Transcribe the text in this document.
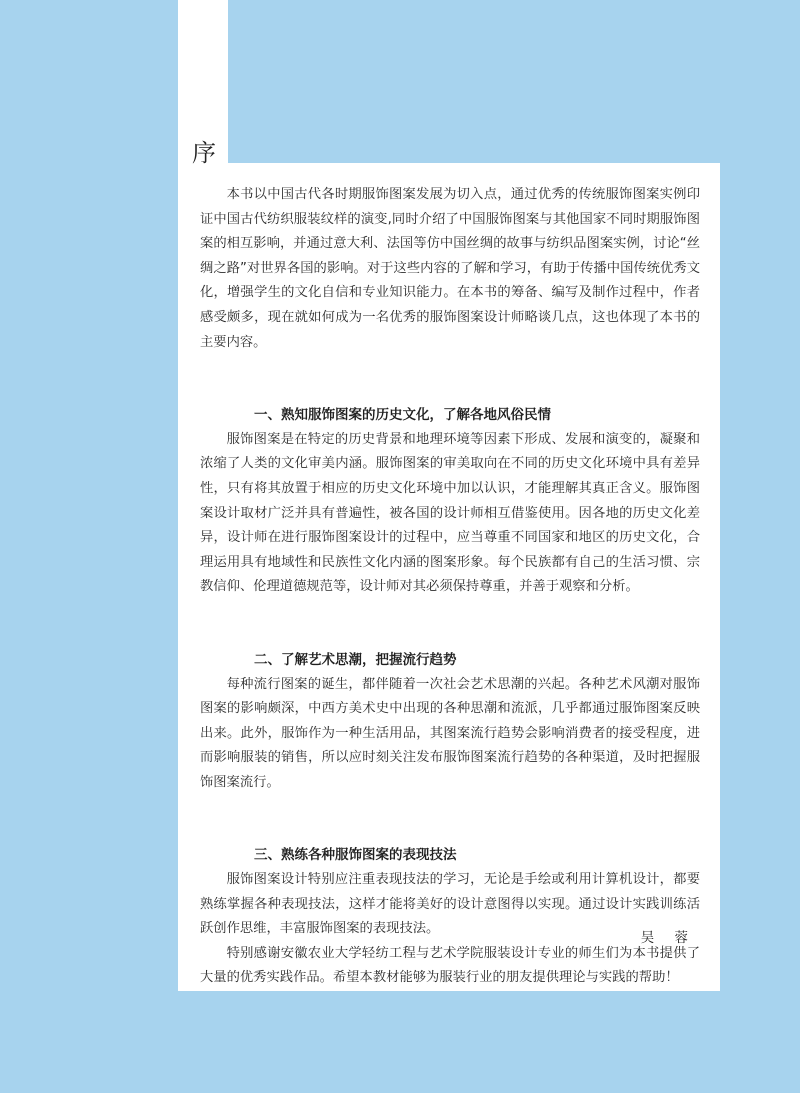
序

本书以中国古代各时期服饰图案发展为切入点，通过优秀的传统服饰图案实例印证中国古代纺织服装纹样的演变,同时介绍了中国服饰图案与其他国家不同时期服饰图案的相互影响，并通过意大利、法国等仿中国丝绸的故事与纺织品图案实例，讨论“丝绸之路”对世界各国的影响。对于这些内容的了解和学习，有助于传播中国传统优秀文化，增强学生的文化自信和专业知识能力。在本书的筹备、编写及制作过程中，作者感受颇多，现在就如何成为一名优秀的服饰图案设计师略谈几点，这也体现了本书的主要内容。

一、熟知服饰图案的历史文化，了解各地风俗民情

服饰图案是在特定的历史背景和地理环境等因素下形成、发展和演变的，凝聚和浓缩了人类的文化审美内涵。服饰图案的审美取向在不同的历史文化环境中具有差异性，只有将其放置于相应的历史文化环境中加以认识，才能理解其真正含义。服饰图案设计取材广泛并具有普遍性，被各国的设计师相互借鉴使用。因各地的历史文化差异，设计师在进行服饰图案设计的过程中，应当尊重不同国家和地区的历史文化，合理运用具有地域性和民族性文化内涵的图案形象。每个民族都有自己的生活习惯、宗教信仰、伦理道德规范等，设计师对其必须保持尊重，并善于观察和分析。

二、了解艺术思潮，把握流行趋势

每种流行图案的诞生，都伴随着一次社会艺术思潮的兴起。各种艺术风潮对服饰图案的影响颇深，中西方美术史中出现的各种思潮和流派，几乎都通过服饰图案反映出来。此外，服饰作为一种生活用品，其图案流行趋势会影响消费者的接受程度，进而影响服装的销售，所以应时刻关注发布服饰图案流行趋势的各种渠道，及时把握服饰图案流行。

三、熟练各种服饰图案的表现技法

服饰图案设计特别应注重表现技法的学习，无论是手绘或利用计算机设计，都要熟练掌握各种表现技法，这样才能将美好的设计意图得以实现。通过设计实践训练活跃创作思维，丰富服饰图案的表现技法。

特别感谢安徽农业大学轻纺工程与艺术学院服装设计专业的师生们为本书提供了大量的优秀实践作品。希望本教材能够为服装行业的朋友提供理论与实践的帮助！

吴 蓉
